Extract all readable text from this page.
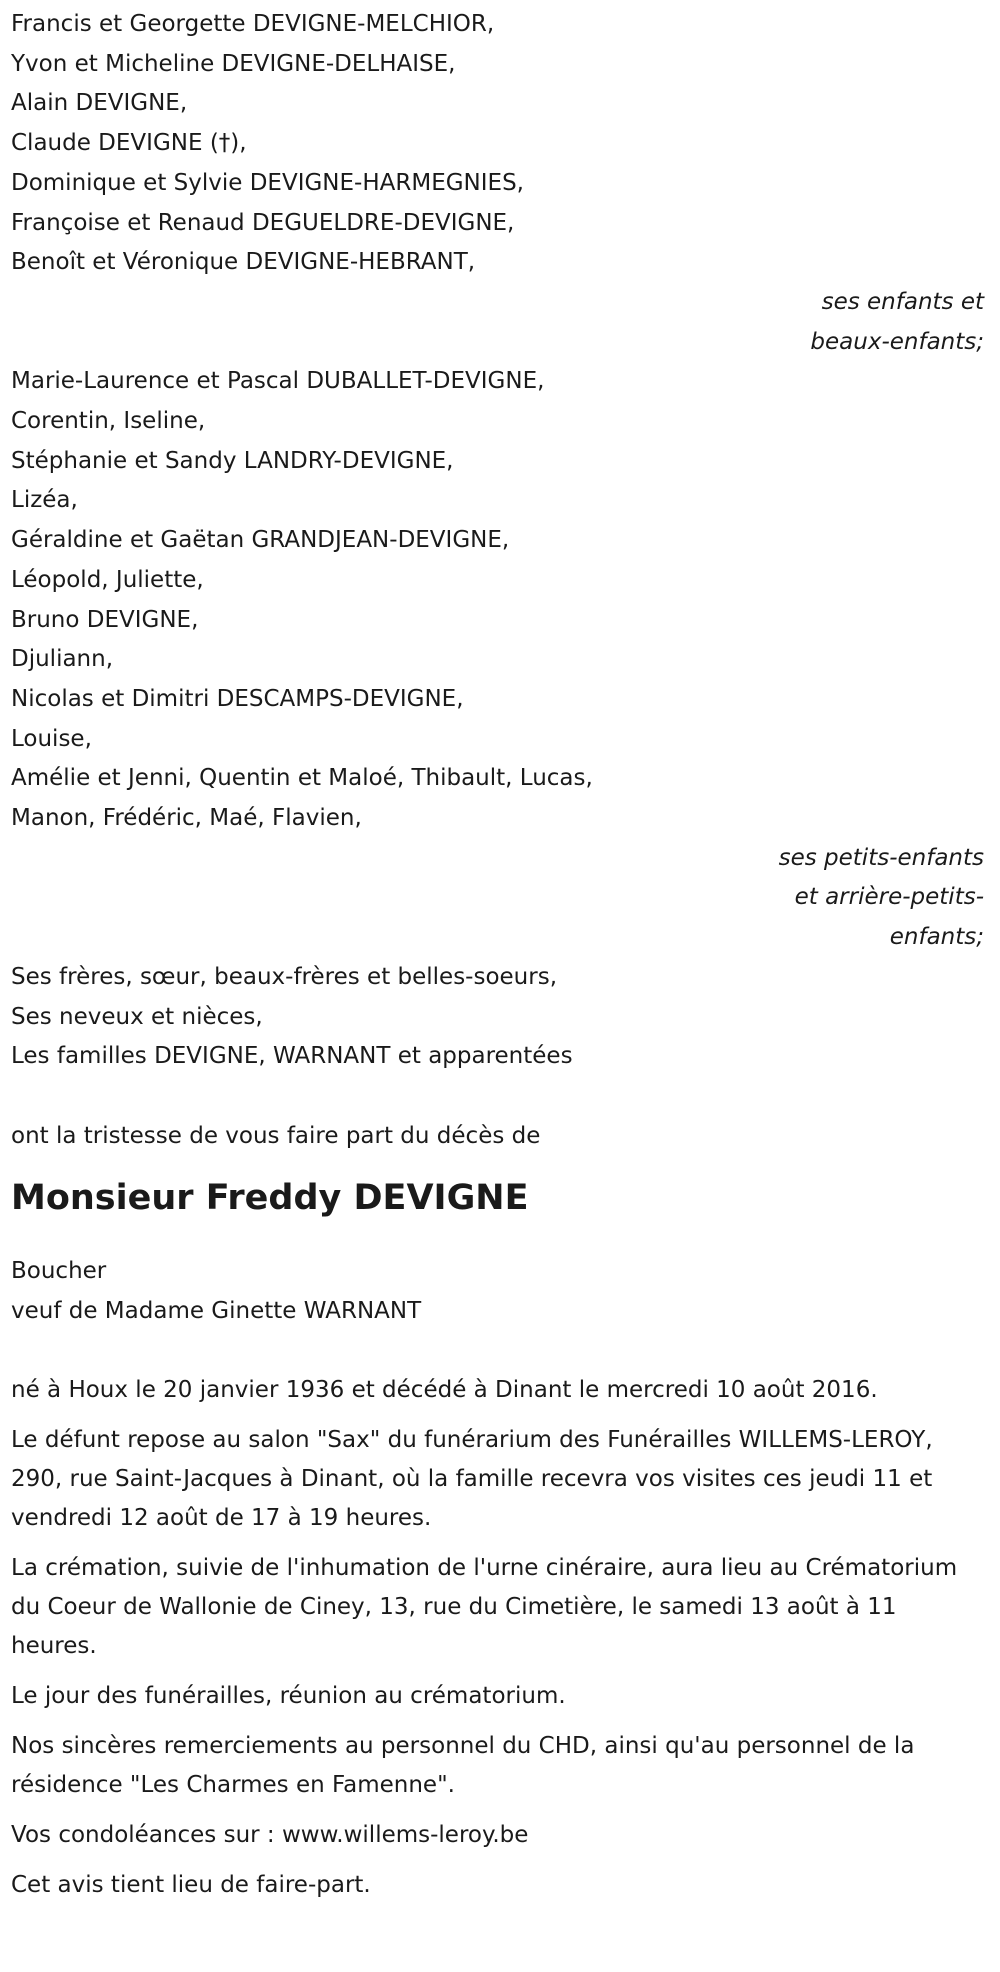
Francis et Georgette DEVIGNE-MELCHIOR,
Yvon et Micheline DEVIGNE-DELHAISE,
Alain DEVIGNE,
Claude DEVIGNE (†),
Dominique et Sylvie DEVIGNE-HARMEGNIES,
Françoise et Renaud DEGUELDRE-DEVIGNE,
Benoît et Véronique DEVIGNE-HEBRANT,
ses enfants et
beaux-enfants;
Marie-Laurence et Pascal DUBALLET-DEVIGNE,
Corentin, Iseline,
Stéphanie et Sandy LANDRY-DEVIGNE,
Lizéa,
Géraldine et Gaëtan GRANDJEAN-DEVIGNE,
Léopold, Juliette,
Bruno DEVIGNE,
Djuliann,
Nicolas et Dimitri DESCAMPS-DEVIGNE,
Louise,
Amélie et Jenni, Quentin et Maloé, Thibault, Lucas,
Manon, Frédéric, Maé, Flavien,
ses petits-enfants
et arrière-petits-
enfants;
Ses frères, sœur, beaux-frères et belles-soeurs,
Ses neveux et nièces,
Les familles DEVIGNE, WARNANT et apparentées
ont la tristesse de vous faire part du décès de
Monsieur Freddy DEVIGNE
Boucher
veuf de Madame Ginette WARNANT
né à Houx le 20 janvier 1936 et décédé à Dinant le mercredi 10 août 2016.
Le défunt repose au salon "Sax" du funérarium des Funérailles WILLEMS-LEROY, 290, rue Saint-Jacques à Dinant, où la famille recevra vos visites ces jeudi 11 et vendredi 12 août de 17 à 19 heures.
La crémation, suivie de l'inhumation de l'urne cinéraire, aura lieu au Crématorium du Coeur de Wallonie de Ciney, 13, rue du Cimetière, le samedi 13 août à 11 heures.
Le jour des funérailles, réunion au crématorium.
Nos sincères remerciements au personnel du CHD, ainsi qu'au personnel de la résidence "Les Charmes en Famenne".
Vos condoléances sur : www.willems-leroy.be
Cet avis tient lieu de faire-part.
